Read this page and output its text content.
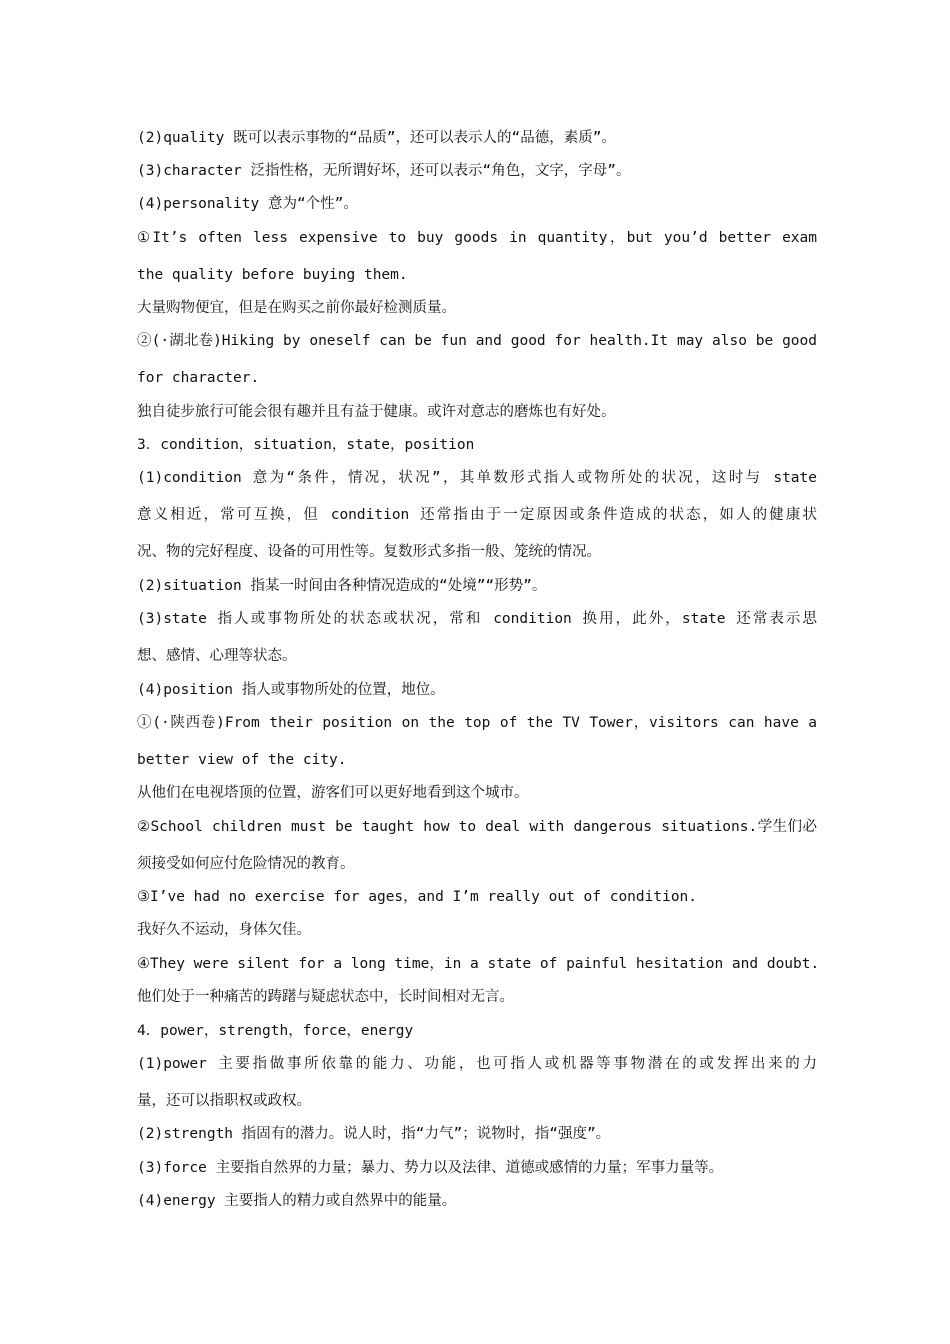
(2)quality 既可以表示事物的“品质”，还可以表示人的“品德，素质”。
(3)character 泛指性格，无所谓好坏，还可以表示“角色，文字，字母”。
(4)personality 意为“个性”。
①It’s often less expensive to buy goods in quantity，but you’d better exam
the quality before buying them.
大量购物便宜，但是在购买之前你最好检测质量。
②(·湖北卷)Hiking by oneself can be fun and good for health.It may also be good
for character.
独自徒步旅行可能会很有趣并且有益于健康。或许对意志的磨炼也有好处。
3．condition，situation，state，position
(1)condition 意为“条件，情况，状况”，其单数形式指人或物所处的状况，这时与 state
意义相近，常可互换，但 condition 还常指由于一定原因或条件造成的状态，如人的健康状
况、物的完好程度、设备的可用性等。复数形式多指一般、笼统的情况。
(2)situation 指某一时间由各种情况造成的“处境”“形势”。
(3)state 指人或事物所处的状态或状况，常和 condition 换用，此外，state 还常表示思
想、感情、心理等状态。
(4)position 指人或事物所处的位置，地位。
①(·陕西卷)From their position on the top of the TV Tower，visitors can have a
better view of the city.
从他们在电视塔顶的位置，游客们可以更好地看到这个城市。
②School children must be taught how to deal with dangerous situations.学生们必
须接受如何应付危险情况的教育。
③I’ve had no exercise for ages，and I’m really out of condition.
我好久不运动，身体欠佳。
④They were silent for a long time，in a state of painful hesitation and doubt.
他们处于一种痛苦的踌躇与疑虑状态中，长时间相对无言。
4．power，strength，force，energy
(1)power 主要指做事所依靠的能力、功能，也可指人或机器等事物潜在的或发挥出来的力
量，还可以指职权或政权。
(2)strength 指固有的潜力。说人时，指“力气”；说物时，指“强度”。
(3)force 主要指自然界的力量；暴力、势力以及法律、道德或感情的力量；军事力量等。
(4)energy 主要指人的精力或自然界中的能量。
